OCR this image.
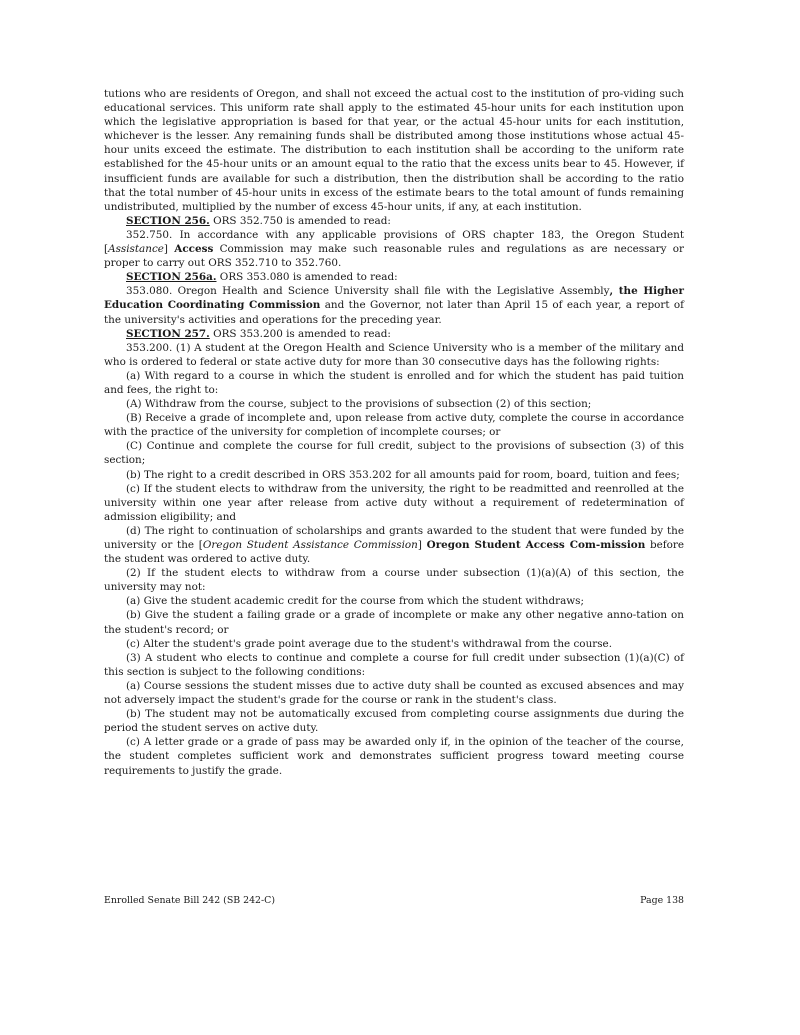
tutions who are residents of Oregon, and shall not exceed the actual cost to the institution of pro-viding such educational services. This uniform rate shall apply to the estimated 45-hour units for each institution upon which the legislative appropriation is based for that year, or the actual 45-hour units for each institution, whichever is the lesser. Any remaining funds shall be distributed among those institutions whose actual 45-hour units exceed the estimate. The distribution to each institution shall be according to the uniform rate established for the 45-hour units or an amount equal to the ratio that the excess units bear to 45. However, if insufficient funds are available for such a distribution, then the distribution shall be according to the ratio that the total number of 45-hour units in excess of the estimate bears to the total amount of funds remaining undistributed, multiplied by the number of excess 45-hour units, if any, at each institution.

SECTION 256. ORS 352.750 is amended to read:

352.750. In accordance with any applicable provisions of ORS chapter 183, the Oregon Student [Assistance] Access Commission may make such reasonable rules and regulations as are necessary or proper to carry out ORS 352.710 to 352.760.

SECTION 256a. ORS 353.080 is amended to read:

353.080. Oregon Health and Science University shall file with the Legislative Assembly, the Higher Education Coordinating Commission and the Governor, not later than April 15 of each year, a report of the university's activities and operations for the preceding year.

SECTION 257. ORS 353.200 is amended to read:

353.200. (1) A student at the Oregon Health and Science University who is a member of the military and who is ordered to federal or state active duty for more than 30 consecutive days has the following rights:

(a) With regard to a course in which the student is enrolled and for which the student has paid tuition and fees, the right to:

(A) Withdraw from the course, subject to the provisions of subsection (2) of this section;

(B) Receive a grade of incomplete and, upon release from active duty, complete the course in accordance with the practice of the university for completion of incomplete courses; or

(C) Continue and complete the course for full credit, subject to the provisions of subsection (3) of this section;

(b) The right to a credit described in ORS 353.202 for all amounts paid for room, board, tuition and fees;

(c) If the student elects to withdraw from the university, the right to be readmitted and reenrolled at the university within one year after release from active duty without a requirement of redetermination of admission eligibility; and

(d) The right to continuation of scholarships and grants awarded to the student that were funded by the university or the [Oregon Student Assistance Commission] Oregon Student Access Com-mission before the student was ordered to active duty.

(2) If the student elects to withdraw from a course under subsection (1)(a)(A) of this section, the university may not:

(a) Give the student academic credit for the course from which the student withdraws;

(b) Give the student a failing grade or a grade of incomplete or make any other negative anno-tation on the student's record; or

(c) Alter the student's grade point average due to the student's withdrawal from the course.

(3) A student who elects to continue and complete a course for full credit under subsection (1)(a)(C) of this section is subject to the following conditions:

(a) Course sessions the student misses due to active duty shall be counted as excused absences and may not adversely impact the student's grade for the course or rank in the student's class.

(b) The student may not be automatically excused from completing course assignments due during the period the student serves on active duty.

(c) A letter grade or a grade of pass may be awarded only if, in the opinion of the teacher of the course, the student completes sufficient work and demonstrates sufficient progress toward meeting course requirements to justify the grade.

Enrolled Senate Bill 242 (SB 242-C)	Page 138
